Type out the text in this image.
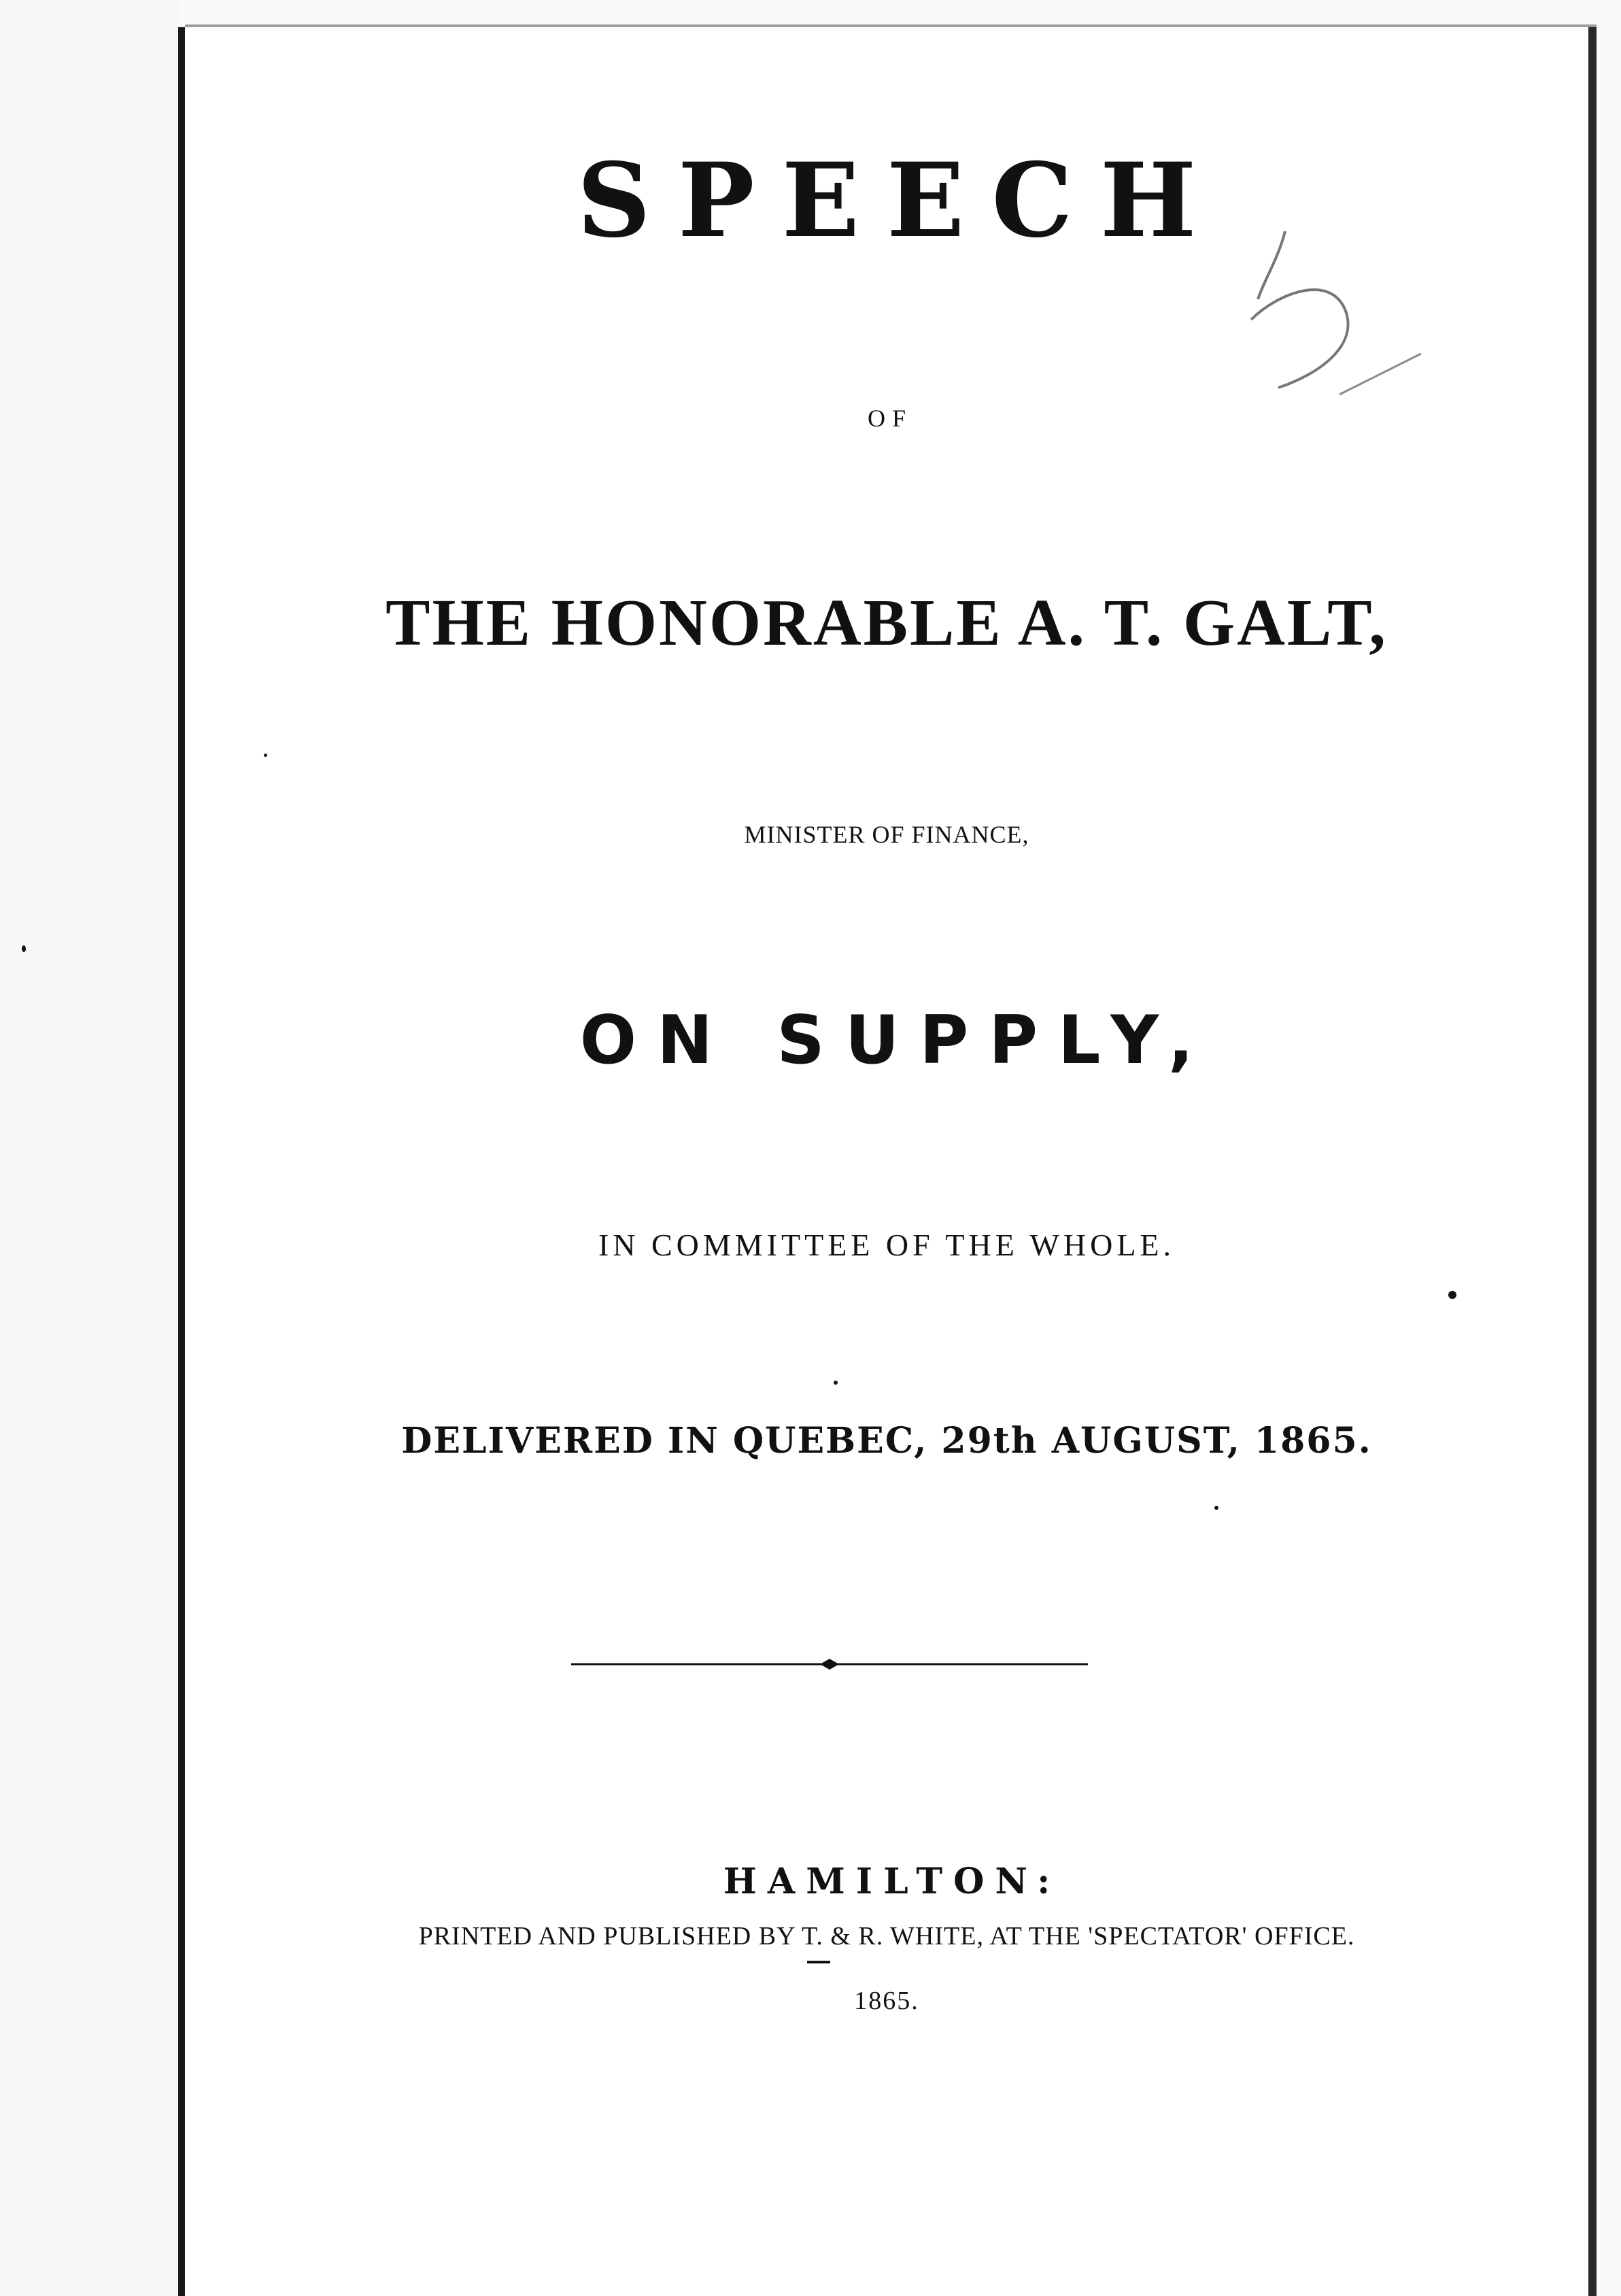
SPEECH
OF
THE HONORABLE A. T. GALT,
MINISTER OF FINANCE,
ON SUPPLY,
IN COMMITTEE OF THE WHOLE.
DELIVERED IN QUEBEC, 29th AUGUST, 1865.
HAMILTON:
PRINTED AND PUBLISHED BY T. & R. WHITE, AT THE 'SPECTATOR' OFFICE.
1865.
